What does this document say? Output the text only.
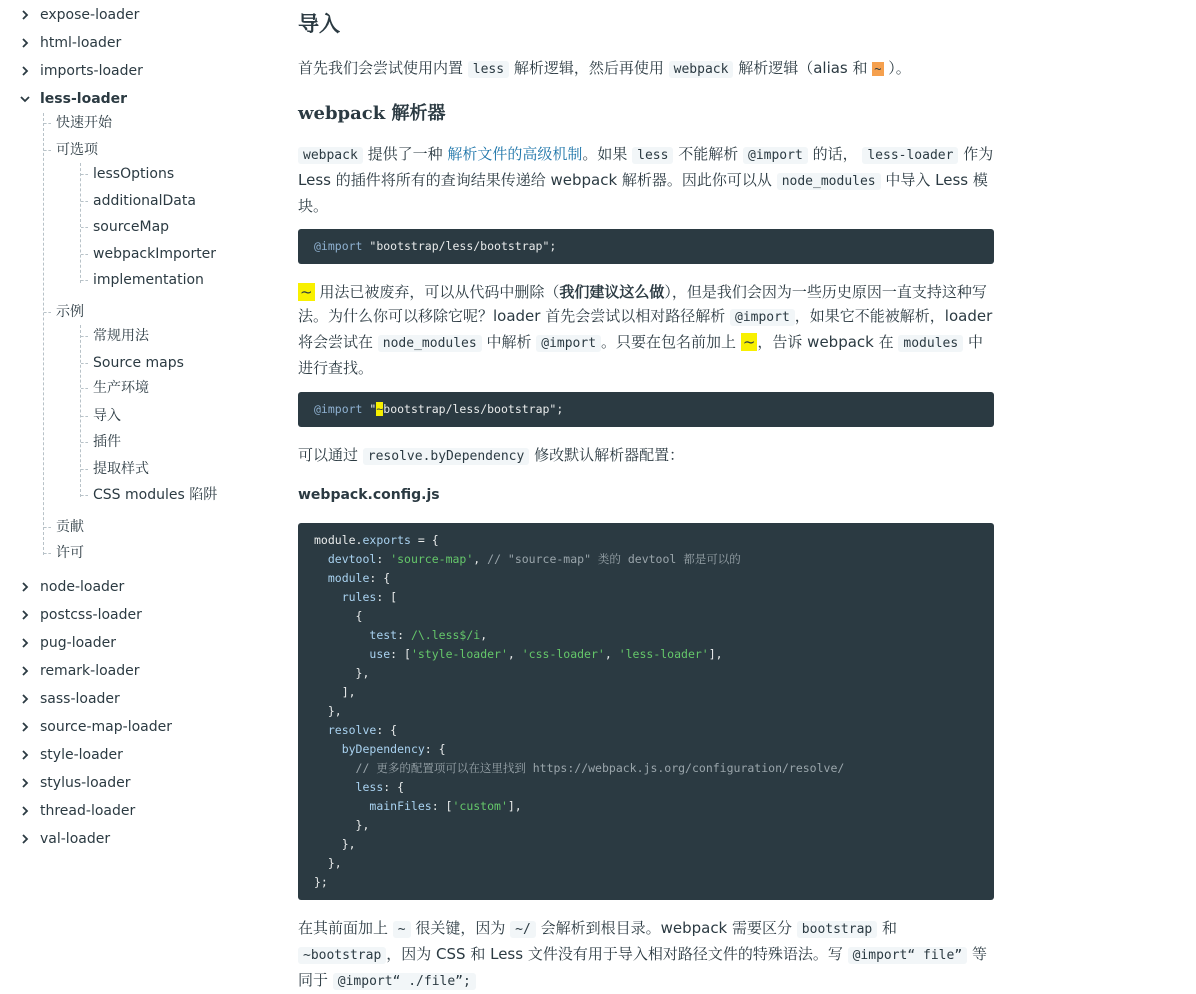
expose-loader
html-loader
imports-loader
less-loader
快速开始
可选项
lessOptions
additionalData
sourceMap
webpackImporter
implementation
示例
常规用法
Source maps
生产环境
导入
插件
提取样式
CSS modules 陷阱
贡献
许可
node-loader
postcss-loader
pug-loader
remark-loader
sass-loader
source-map-loader
style-loader
stylus-loader
thread-loader
val-loader
导入
首先我们会尝试使用内置 less 解析逻辑，然后再使用 webpack 解析逻辑（alias 和 ~ ）。
webpack 解析器
webpack 提供了一种 解析文件的高级机制。如果 less 不能解析 @import 的话， less-loader 作为 Less 的插件将所有的查询结果传递给 webpack 解析器。因此你可以从 node_modules 中导入 Less 模块。
@import "bootstrap/less/bootstrap";
~ 用法已被废弃，可以从代码中删除（我们建议这么做），但是我们会因为一些历史原因一直支持这种写法。为什么你可以移除它呢？loader 首先会尝试以相对路径解析 @import ，如果它不能被解析，loader 将会尝试在 node_modules 中解析 @import 。只要在包名前加上 ~ ，告诉 webpack 在 modules 中进行查找。
@import "~bootstrap/less/bootstrap";
可以通过 resolve.byDependency 修改默认解析器配置：
webpack.config.js
module.exports = {
devtool: 'source-map', // "source-map" 类的 devtool 都是可以的
module: {
rules: [
{
test: /\.less$/i,
use: ['style-loader', 'css-loader', 'less-loader'],
},
],
},
resolve: {
byDependency: {
// 更多的配置项可以在这里找到 https://webpack.js.org/configuration/resolve/
less: {
mainFiles: ['custom'],
},
},
},
};
在其前面加上 ~ 很关键，因为 ~/ 会解析到根目录。webpack 需要区分 bootstrap 和 ~bootstrap ，因为 CSS 和 Less 文件没有用于导入相对路径文件的特殊语法。写 @import“ file” 等同于 @import“ ./file”;
